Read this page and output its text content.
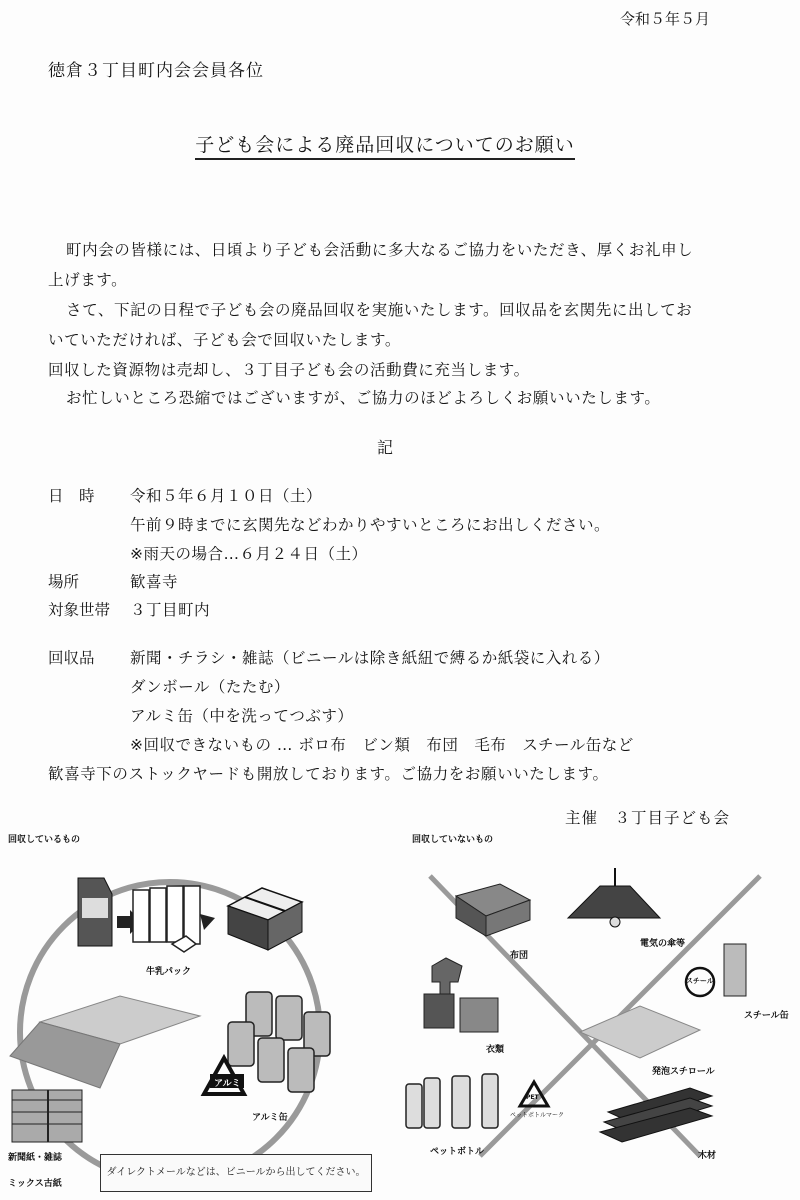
令和５年５月
徳倉３丁目町内会会員各位
子ども会による廃品回収についてのお願い
町内会の皆様には、日頃より子ども会活動に多大なるご協力をいただき、厚くお礼申し
上げます。
さて、下記の日程で子ども会の廃品回収を実施いたします。回収品を玄関先に出してお
いていただければ、子ども会で回収いたします。
回収した資源物は売却し、３丁目子ども会の活動費に充当します。
お忙しいところ恐縮ではございますが、ご協力のほどよろしくお願いいたします。
記
日　時 令和５年６月１０日（土）
午前９時までに玄関先などわかりやすいところにお出しください。
※雨天の場合…６月２４日（土）
場所	歓喜寺
対象世帯 ３丁目町内
回収品 新聞・チラシ・雑誌（ビニールは除き紙紐で縛るか紙袋に入れる）
ダンボール（たたむ）
アルミ缶（中を洗ってつぶす）
※回収できないもの … ボロ布　ビン類　布団　毛布　スチール缶など
歓喜寺下のストックヤードも開放しております。ご協力をお願いいたします。
主催　３丁目子ども会
回収しているもの	回収していないもの
牛乳パック
アルミ
アルミ缶
新聞紙・雑誌
ミックス古紙
ダイレクトメールなどは、ビニールから出してください。
布団
電気の傘等
スチール
スチール缶
衣類
発泡スチロール
PET
ペットボトルマーク
ペットボトル	木材
